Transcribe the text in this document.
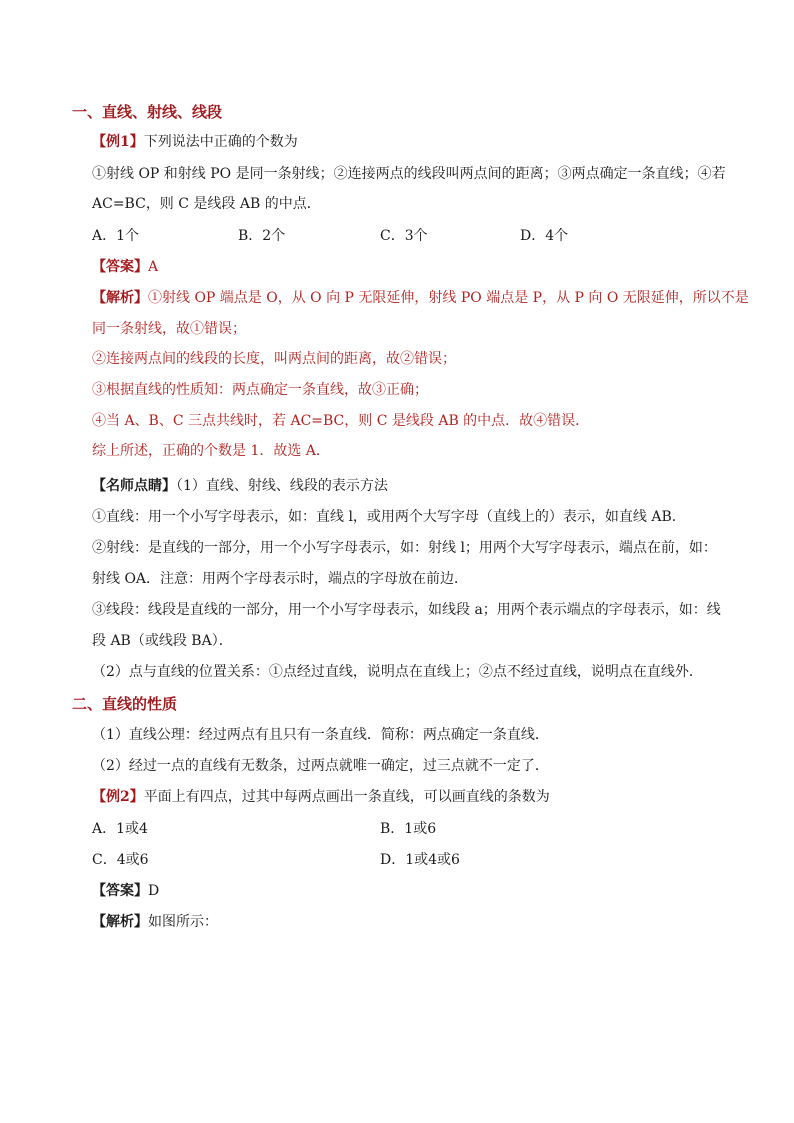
一、直线、射线、线段
【例1】下列说法中正确的个数为
①射线 OP 和射线 PO 是同一条射线；②连接两点的线段叫两点间的距离；③两点确定一条直线；④若
AC=BC，则 C 是线段 AB 的中点．
A．1个	B．2个	C．3个	D．4个
【答案】A
【解析】①射线 OP 端点是 O，从 O 向 P 无限延伸，射线 PO 端点是 P，从 P 向 O 无限延伸，所以不是
同一条射线，故①错误；
②连接两点间的线段的长度，叫两点间的距离，故②错误；
③根据直线的性质知：两点确定一条直线，故③正确；
④当 A、B、C 三点共线时，若 AC=BC，则 C 是线段 AB 的中点．故④错误．
综上所述，正确的个数是 1．故选 A．
【名师点睛】（1）直线、射线、线段的表示方法
①直线：用一个小写字母表示，如：直线 l，或用两个大写字母（直线上的）表示，如直线 AB．
②射线：是直线的一部分，用一个小写字母表示，如：射线 l；用两个大写字母表示，端点在前，如：
射线 OA．注意：用两个字母表示时，端点的字母放在前边．
③线段：线段是直线的一部分，用一个小写字母表示，如线段 a；用两个表示端点的字母表示，如：线
段 AB（或线段 BA）．
（2）点与直线的位置关系：①点经过直线，说明点在直线上；②点不经过直线，说明点在直线外．
二、直线的性质
（1）直线公理：经过两点有且只有一条直线．简称：两点确定一条直线．
（2）经过一点的直线有无数条，过两点就唯一确定，过三点就不一定了．
【例2】平面上有四点，过其中每两点画出一条直线，可以画直线的条数为
A．1或4	B．1或6
C．4或6	D．1或4或6
【答案】D
【解析】如图所示：
